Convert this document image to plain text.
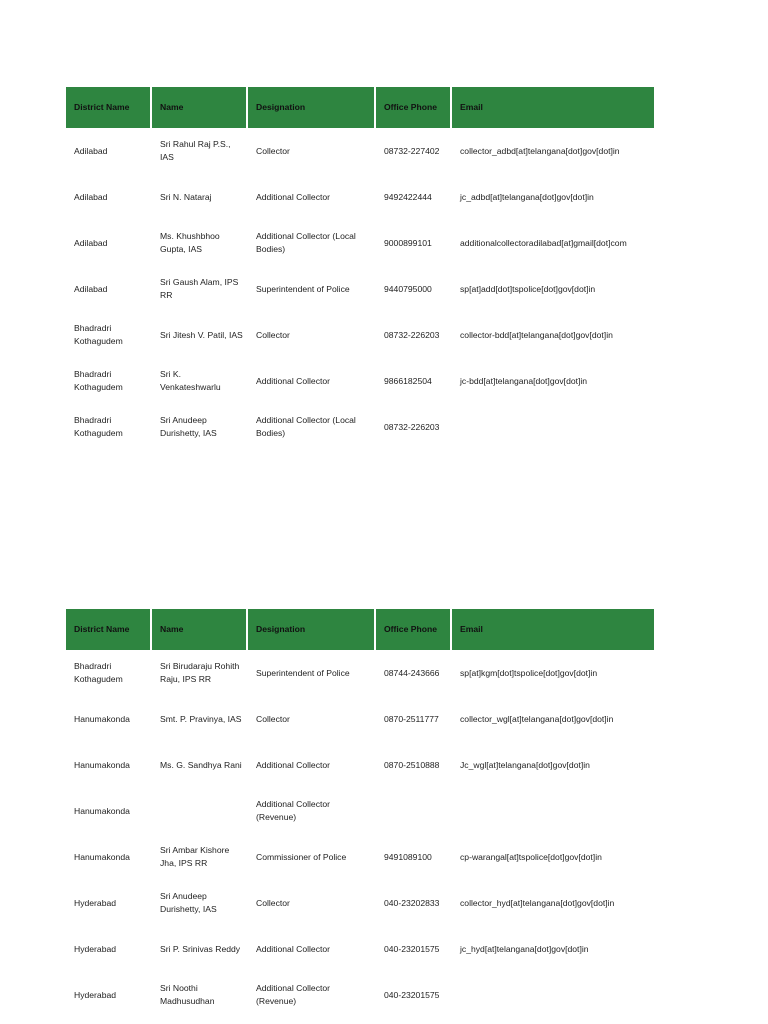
District Name	Name	Designation	Office Phone	Email
Adilabad	Sri Rahul Raj P.S., IAS	Collector	08732-227402	collector_adbd[at]telangana[dot]gov[dot]in
Adilabad	Sri N. Nataraj	Additional Collector	9492422444	jc_adbd[at]telangana[dot]gov[dot]in
Adilabad	Ms. Khushbhoo Gupta, IAS	Additional Collector (Local Bodies)	9000899101	additionalcollectoradilabad[at]gmail[dot]com
Adilabad	Sri Gaush Alam, IPS RR	Superintendent of Police	9440795000	sp[at]add[dot]tspolice[dot]gov[dot]in
Bhadradri Kothagudem	Sri Jitesh V. Patil, IAS	Collector	08732-226203	collector-bdd[at]telangana[dot]gov[dot]in
Bhadradri Kothagudem	Sri K. Venkateshwarlu	Additional Collector	9866182504	jc-bdd[at]telangana[dot]gov[dot]in
Bhadradri Kothagudem	Sri Anudeep Durishetty, IAS	Additional Collector (Local Bodies)	08732-226203	
District Name	Name	Designation	Office Phone	Email
Bhadradri Kothagudem	Sri Birudaraju Rohith Raju, IPS RR	Superintendent of Police	08744-243666	sp[at]kgm[dot]tspolice[dot]gov[dot]in
Hanumakonda	Smt. P. Pravinya, IAS	Collector	0870-2511777	collector_wgl[at]telangana[dot]gov[dot]in
Hanumakonda	Ms. G. Sandhya Rani	Additional Collector	0870-2510888	Jc_wgl[at]telangana[dot]gov[dot]in
Hanumakonda		Additional Collector (Revenue)		
Hanumakonda	Sri Ambar Kishore Jha, IPS RR	Commissioner of Police	9491089100	cp-warangal[at]tspolice[dot]gov[dot]in
Hyderabad	Sri Anudeep Durishetty, IAS	Collector	040-23202833	collector_hyd[at]telangana[dot]gov[dot]in
Hyderabad	Sri P. Srinivas Reddy	Additional Collector	040-23201575	jc_hyd[at]telangana[dot]gov[dot]in
Hyderabad	Sri Noothi Madhusudhan	Additional Collector (Revenue)	040-23201575	
